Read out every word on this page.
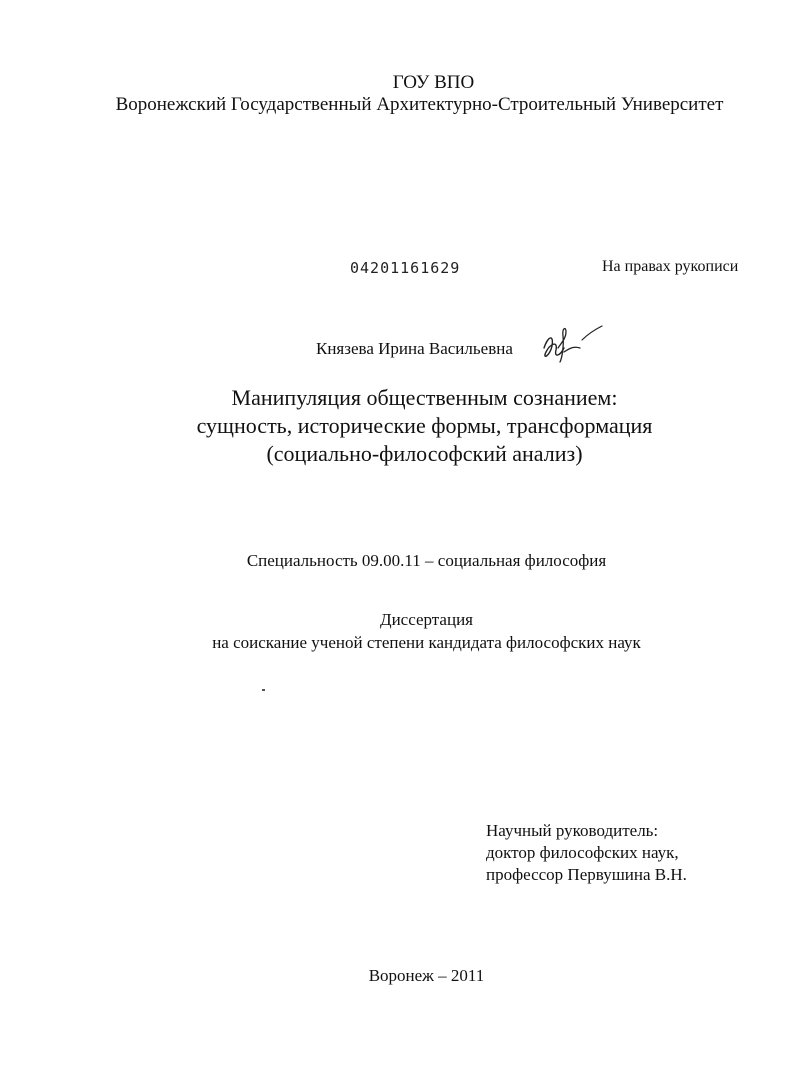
ГОУ ВПО
Воронежский Государственный Архитектурно-Строительный Университет
04201161629	На правах рукописи
Князева Ирина Васильевна
Манипуляция общественным сознанием:
сущность, исторические формы, трансформация
(социально-философский анализ)
Специальность 09.00.11 – социальная философия
Диссертация
на соискание ученой степени кандидата философских наук
Научный руководитель:
доктор философских наук,
профессор Первушина В.Н.
Воронеж – 2011
